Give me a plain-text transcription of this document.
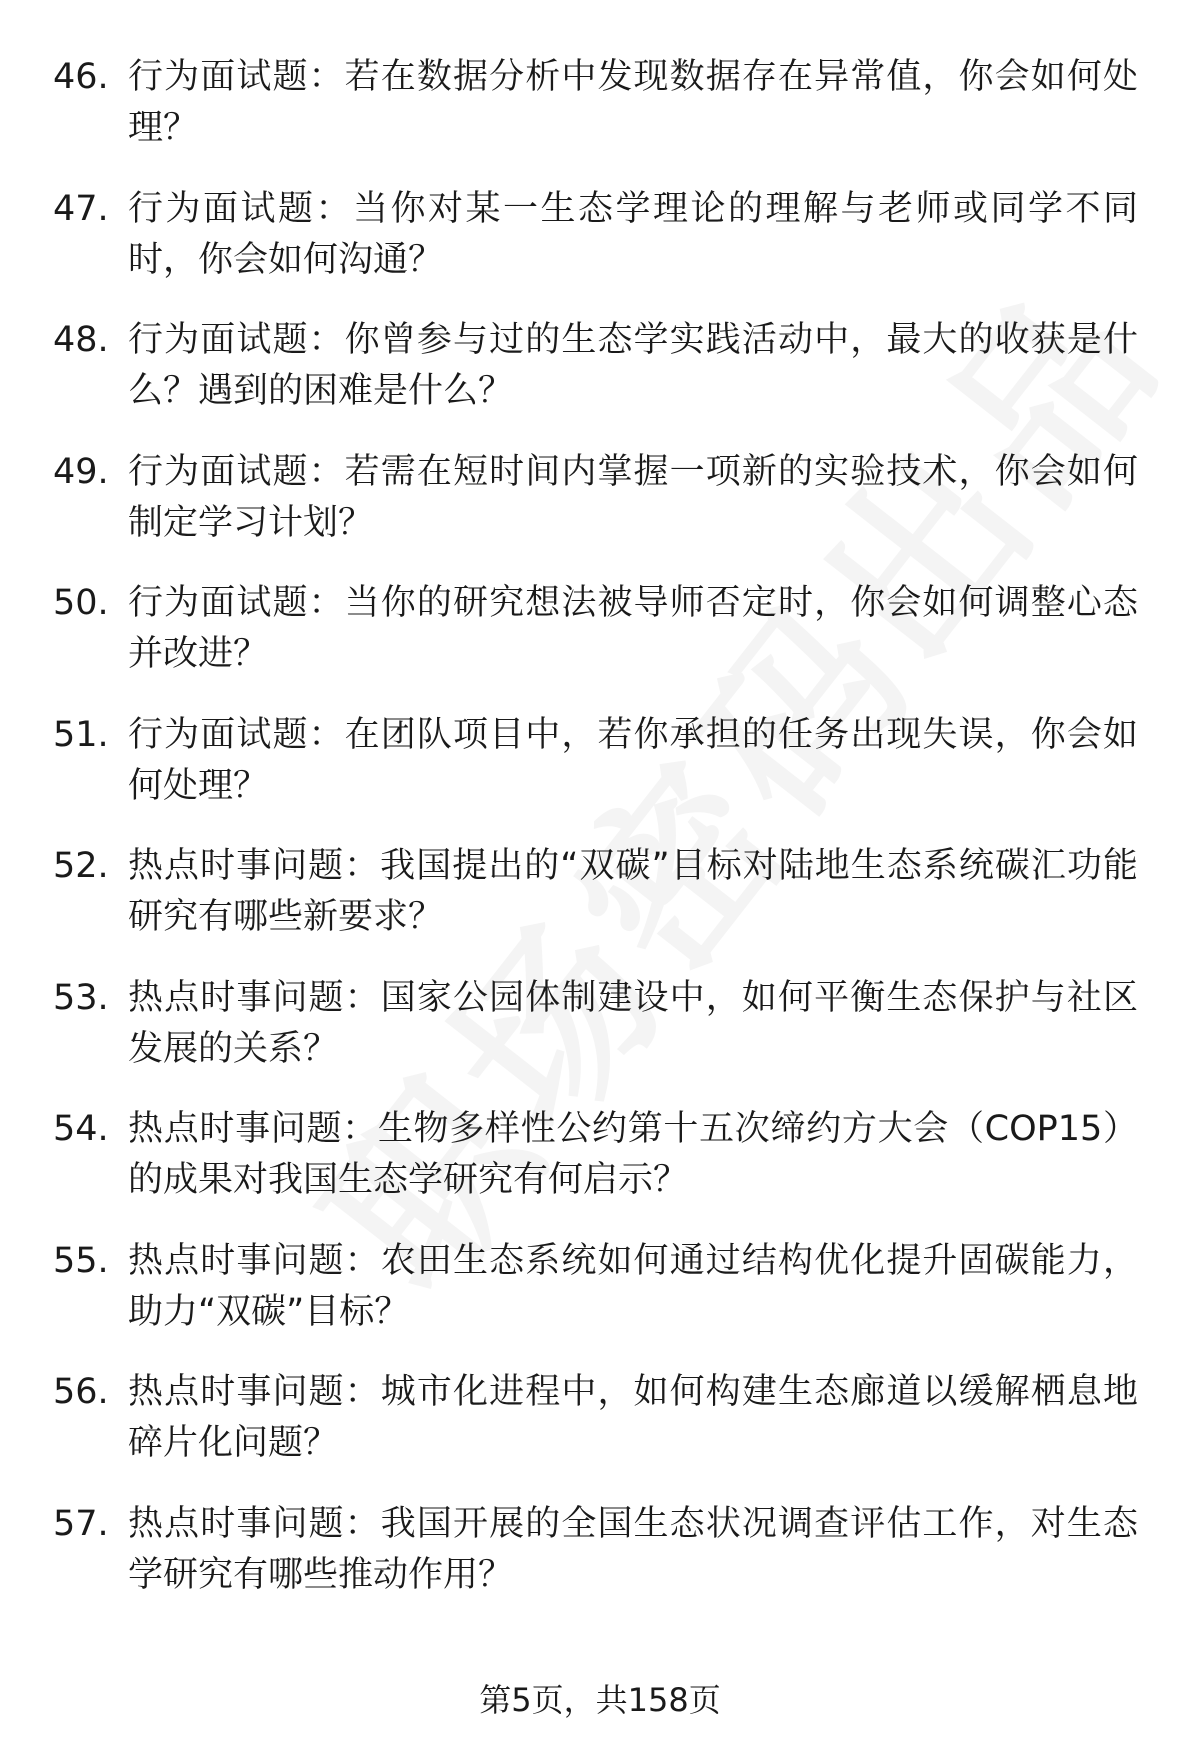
46. 行为面试题：若在数据分析中发现数据存在异常值，你会如何处理？
47. 行为面试题：当你对某一生态学理论的理解与老师或同学不同时，你会如何沟通？
48. 行为面试题：你曾参与过的生态学实践活动中，最大的收获是什么？遇到的困难是什么？
49. 行为面试题：若需在短时间内掌握一项新的实验技术，你会如何制定学习计划？
50. 行为面试题：当你的研究想法被导师否定时，你会如何调整心态并改进？
51. 行为面试题：在团队项目中，若你承担的任务出现失误，你会如何处理？
52. 热点时事问题：我国提出的“双碳”目标对陆地生态系统碳汇功能研究有哪些新要求？
53. 热点时事问题：国家公园体制建设中，如何平衡生态保护与社区发展的关系？
54. 热点时事问题：生物多样性公约第十五次缔约方大会（COP15）的成果对我国生态学研究有何启示？
55. 热点时事问题：农田生态系统如何通过结构优化提升固碳能力，助力“双碳”目标？
56. 热点时事问题：城市化进程中，如何构建生态廊道以缓解栖息地碎片化问题？
57. 热点时事问题：我国开展的全国生态状况调查评估工作，对生态学研究有哪些推动作用？
第5页，共158页
